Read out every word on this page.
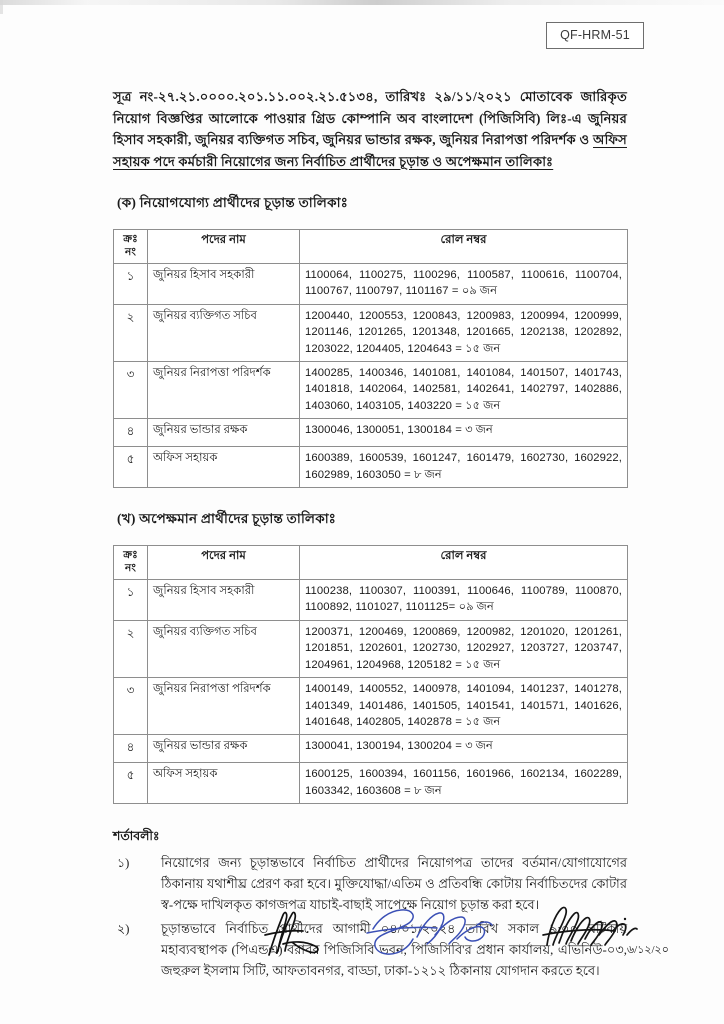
QF-HRM-51
সূত্র নং-২৭.২১.০০০০.২০১.১১.০০২.২১.৫১৩৪, তারিখঃ ২৯/১১/২০২১ মোতাবেক জারিকৃত নিয়োগ বিজ্ঞপ্তির আলোকে পাওয়ার গ্রিড কোম্পানি অব বাংলাদেশ (পিজিসিবি) লিঃ-এ জুনিয়র হিসাব সহকারী, জুনিয়র ব্যক্তিগত সচিব, জুনিয়র ভান্ডার রক্ষক, জুনিয়র নিরাপত্তা পরিদর্শক ও অফিস সহায়ক পদে কর্মচারী নিয়োগের জন্য নির্বাচিত প্রার্থীদের চূড়ান্ত ও অপেক্ষমান তালিকাঃ
(ক) নিয়োগযোগ্য প্রার্থীদের চূড়ান্ত তালিকাঃ
ক্রঃ
নং	পদের নাম	রোল নম্বর
১	জুনিয়র হিসাব সহকারী	1100064, 1100275, 1100296, 1100587, 1100616, 1100704, 1100767, 1100797, 1101167 = ০৯ জন

২	জুনিয়র ব্যক্তিগত সচিব	1200440, 1200553, 1200843, 1200983, 1200994, 1200999, 1201146, 1201265, 1201348, 1201665, 1202138, 1202892, 1203022, 1204405, 1204643 = ১৫ জন

৩	জুনিয়র নিরাপত্তা পরিদর্শক	1400285, 1400346, 1401081, 1401084, 1401507, 1401743, 1401818, 1402064, 1402581, 1402641, 1402797, 1402886, 1403060, 1403105, 1403220 = ১৫ জন

৪	জুনিয়র ভান্ডার রক্ষক	1300046, 1300051, 1300184 = ৩ জন

৫	অফিস সহায়ক	1600389, 1600539, 1601247, 1601479, 1602730, 1602922, 1602989, 1603050 = ৮ জন
(খ) অপেক্ষমান প্রার্থীদের চূড়ান্ত তালিকাঃ
ক্রঃ
নং	পদের নাম	রোল নম্বর
১	জুনিয়র হিসাব সহকারী	1100238, 1100307, 1100391, 1100646, 1100789, 1100870, 1100892, 1101027, 1101125= ০৯ জন

২	জুনিয়র ব্যক্তিগত সচিব	1200371, 1200469, 1200869, 1200982, 1201020, 1201261, 1201851, 1202601, 1202730, 1202927, 1203727, 1203747, 1204961, 1204968, 1205182 = ১৫ জন

৩	জুনিয়র নিরাপত্তা পরিদর্শক	1400149, 1400552, 1400978, 1401094, 1401237, 1401278, 1401349, 1401486, 1401505, 1401541, 1401571, 1401626, 1401648, 1402805, 1402878 = ১৫ জন

৪	জুনিয়র ভান্ডার রক্ষক	1300041, 1300194, 1300204 = ৩ জন

৫	অফিস সহায়ক	1600125, 1600394, 1601156, 1601966, 1602134, 1602289, 1603342, 1603608 = ৮ জন
শর্তাবলীঃ
১)	নিয়োগের জন্য চূড়ান্তভাবে নির্বাচিত প্রার্থীদের নিয়োগপত্র তাদের বর্তমান/যোগাযোগের ঠিকানায় যথাশীঘ্র প্রেরণ করা হবে। মুক্তিযোদ্ধা/এতিম ও প্রতিবন্ধি কোটায় নির্বাচিতদের কোটার স্ব-পক্ষে দাখিলকৃত কাগজপত্র যাচাই-বাছাই সাপেক্ষে নিয়োগ চূড়ান্ত করা হবে।
২)	চূড়ান্তভাবে নির্বাচিত প্রার্থীদের আগামী ০৪/০১/২০২৪ তারিখ সকাল ৯:০০ ঘটিকায় মহাব্যবস্থাপক (পিএন্ডএ) বরাবর পিজিসিবি ভবন, পিজিসিবি'র প্রধান কার্যালয়, এভিনিউ-০৩, জহুরুল ইসলাম সিটি, আফতাবনগর, বাড্ডা, ঢাকা-১২১২ ঠিকানায় যোগদান করতে হবে।
৬/১২/২০
